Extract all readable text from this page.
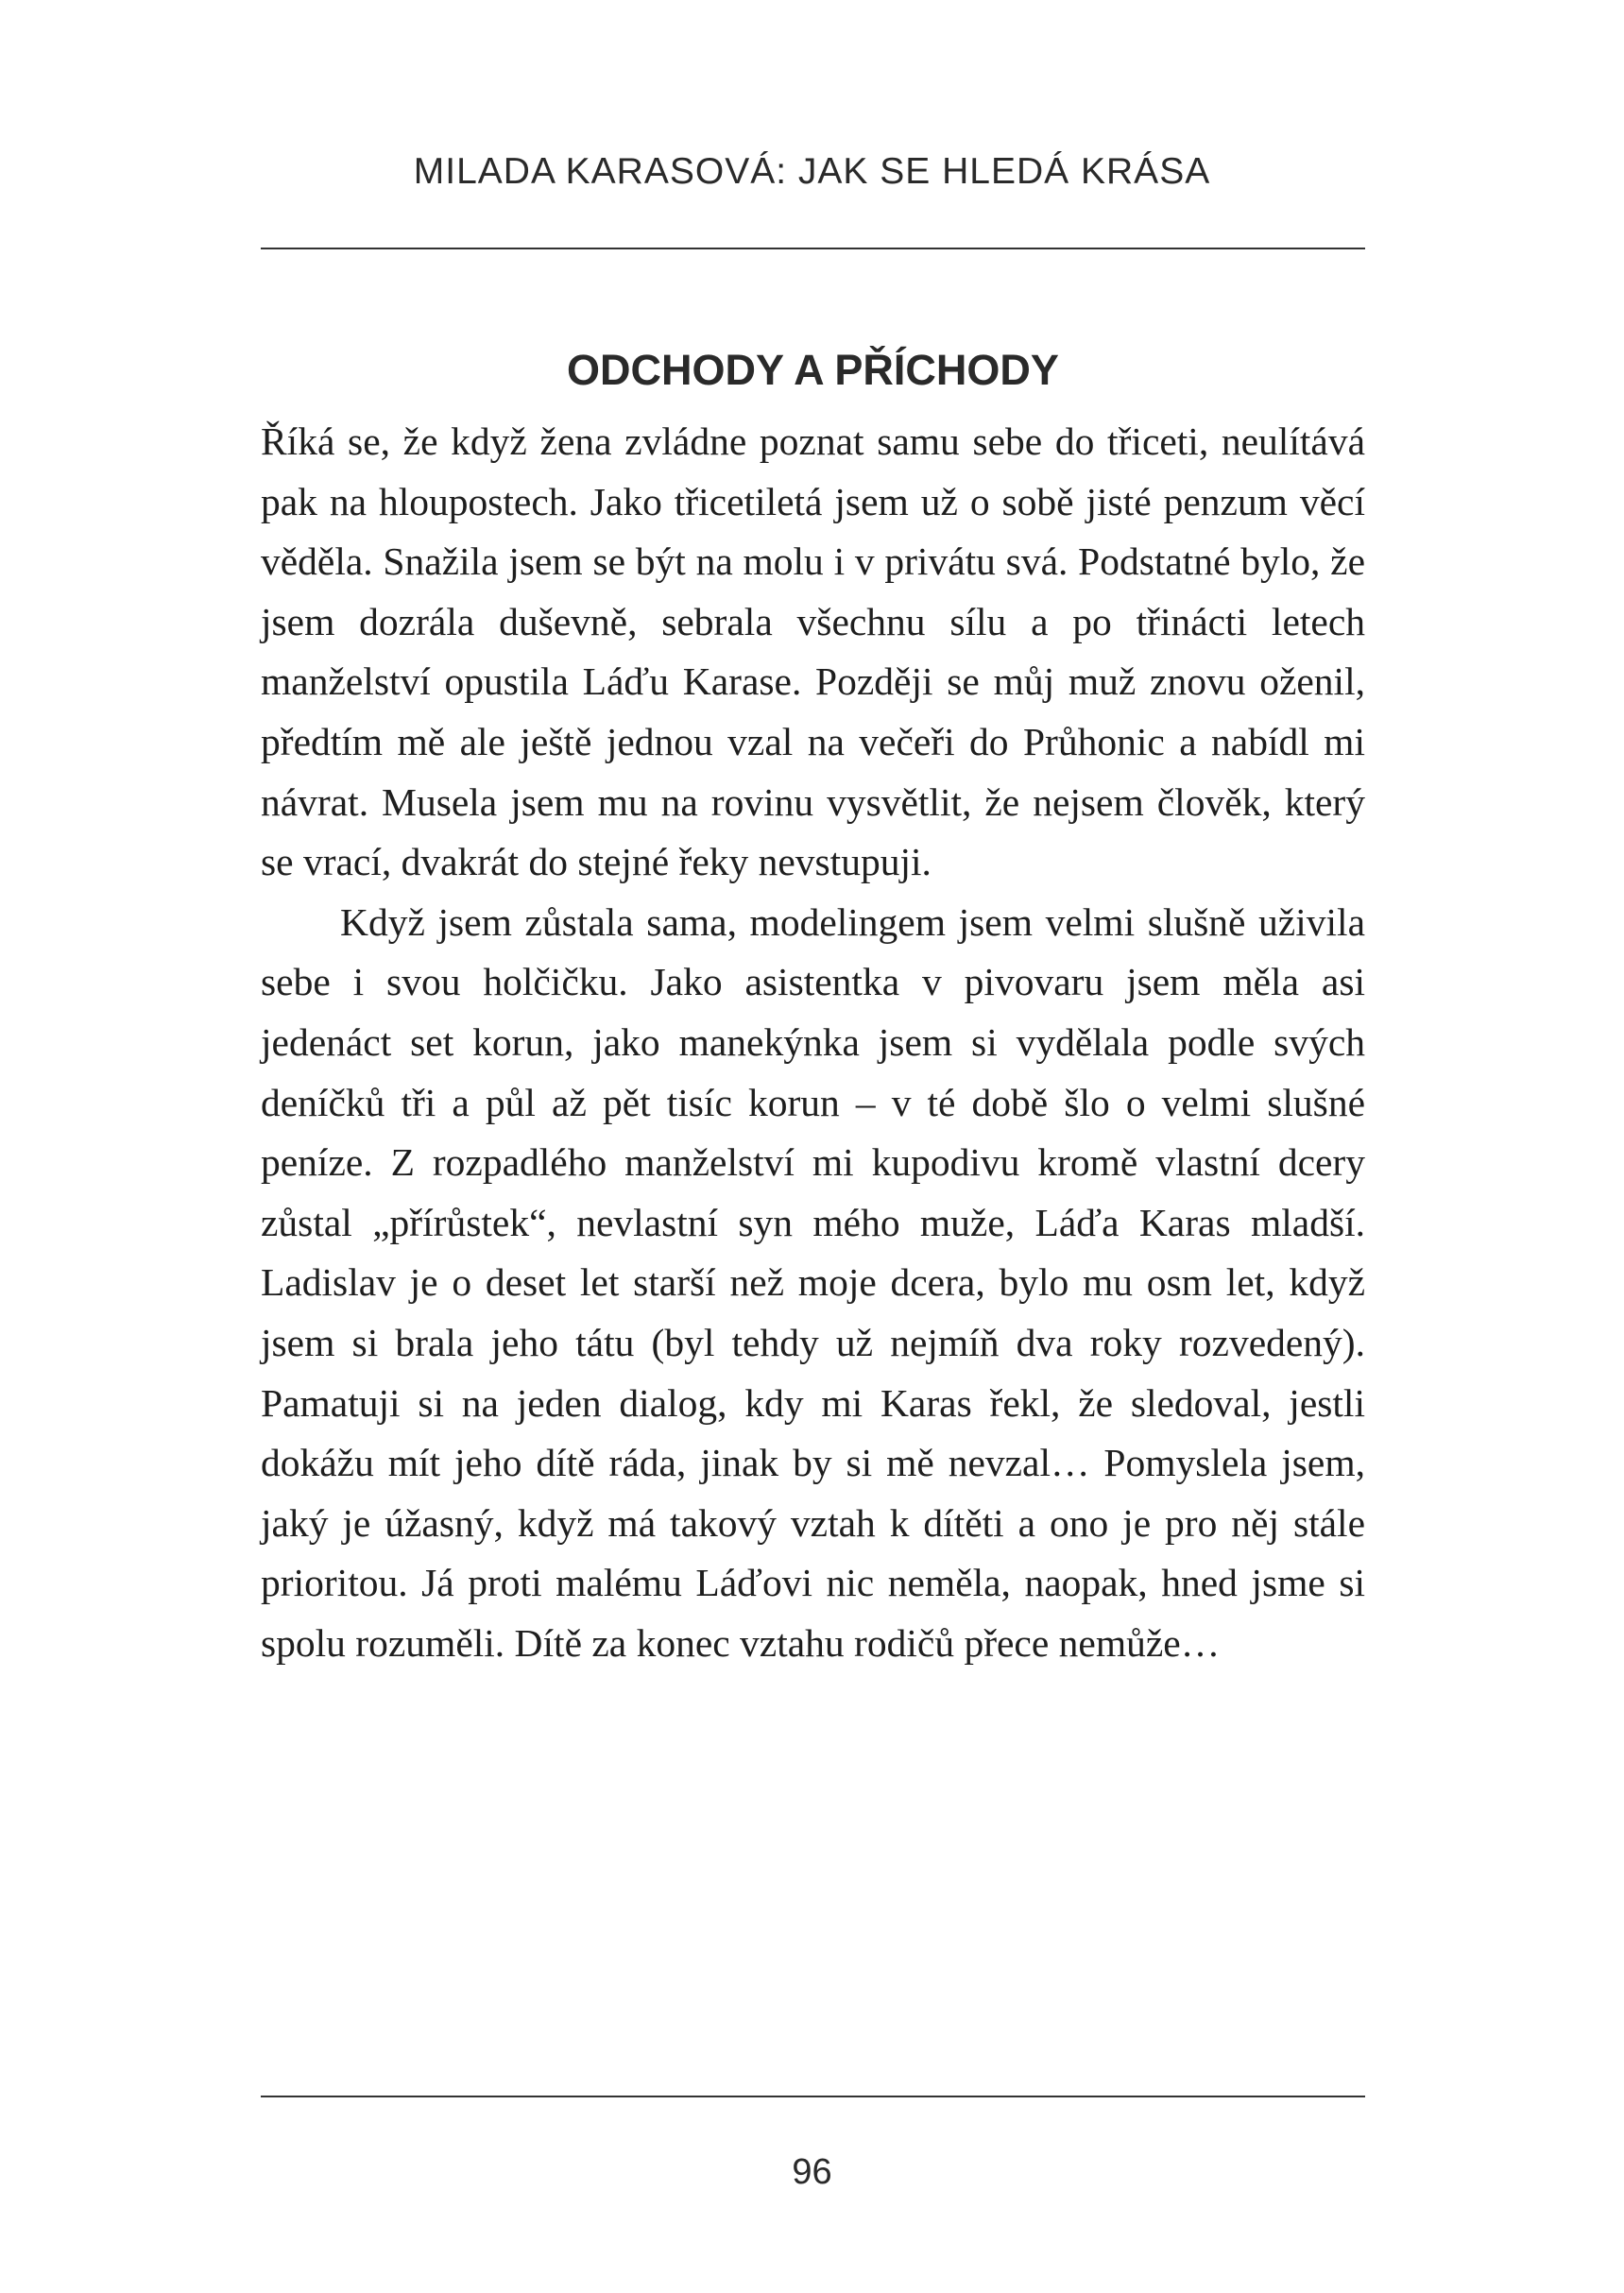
MILADA KARASOVÁ: JAK SE HLEDÁ KRÁSA
ODCHODY A PŘÍCHODY

Říká se, že když žena zvládne poznat samu sebe do třiceti, neulítává pak na hloupostech. Jako třicetiletá jsem už o sobě jisté penzum věcí věděla. Snažila jsem se být na molu i v privátu svá. Podstatné bylo, že jsem dozrála duševně, sebrala všechnu sílu a po třinácti letech manželství opustila Láďu Karase. Později se můj muž znovu oženil, předtím mě ale ještě jednou vzal na večeři do Průhonic a nabídl mi návrat. Musela jsem mu na rovinu vysvětlit, že nejsem člověk, který se vrací, dvakrát do stejné řeky nevstupuji.

Když jsem zůstala sama, modelingem jsem velmi slušně uživila sebe i svou holčičku. Jako asistentka v pivovaru jsem měla asi jedenáct set korun, jako manekýnka jsem si vydělala podle svých deníčků tři a půl až pět tisíc korun – v té době šlo o velmi slušné peníze. Z rozpadlého manželství mi kupodivu kromě vlastní dcery zůstal „přírůstek“, nevlastní syn mého muže, Láďa Karas mladší. Ladislav je o deset let starší než moje dcera, bylo mu osm let, když jsem si brala jeho tátu (byl tehdy už nejmíň dva roky rozvedený). Pamatuji si na jeden dialog, kdy mi Karas řekl, že sledoval, jestli dokážu mít jeho dítě ráda, jinak by si mě nevzal… Pomyslela jsem, jaký je úžasný, když má takový vztah k dítěti a ono je pro něj stále prioritou. Já proti malému Láďovi nic neměla, naopak, hned jsme si spolu rozuměli. Dítě za konec vztahu rodičů přece nemůže…

96
